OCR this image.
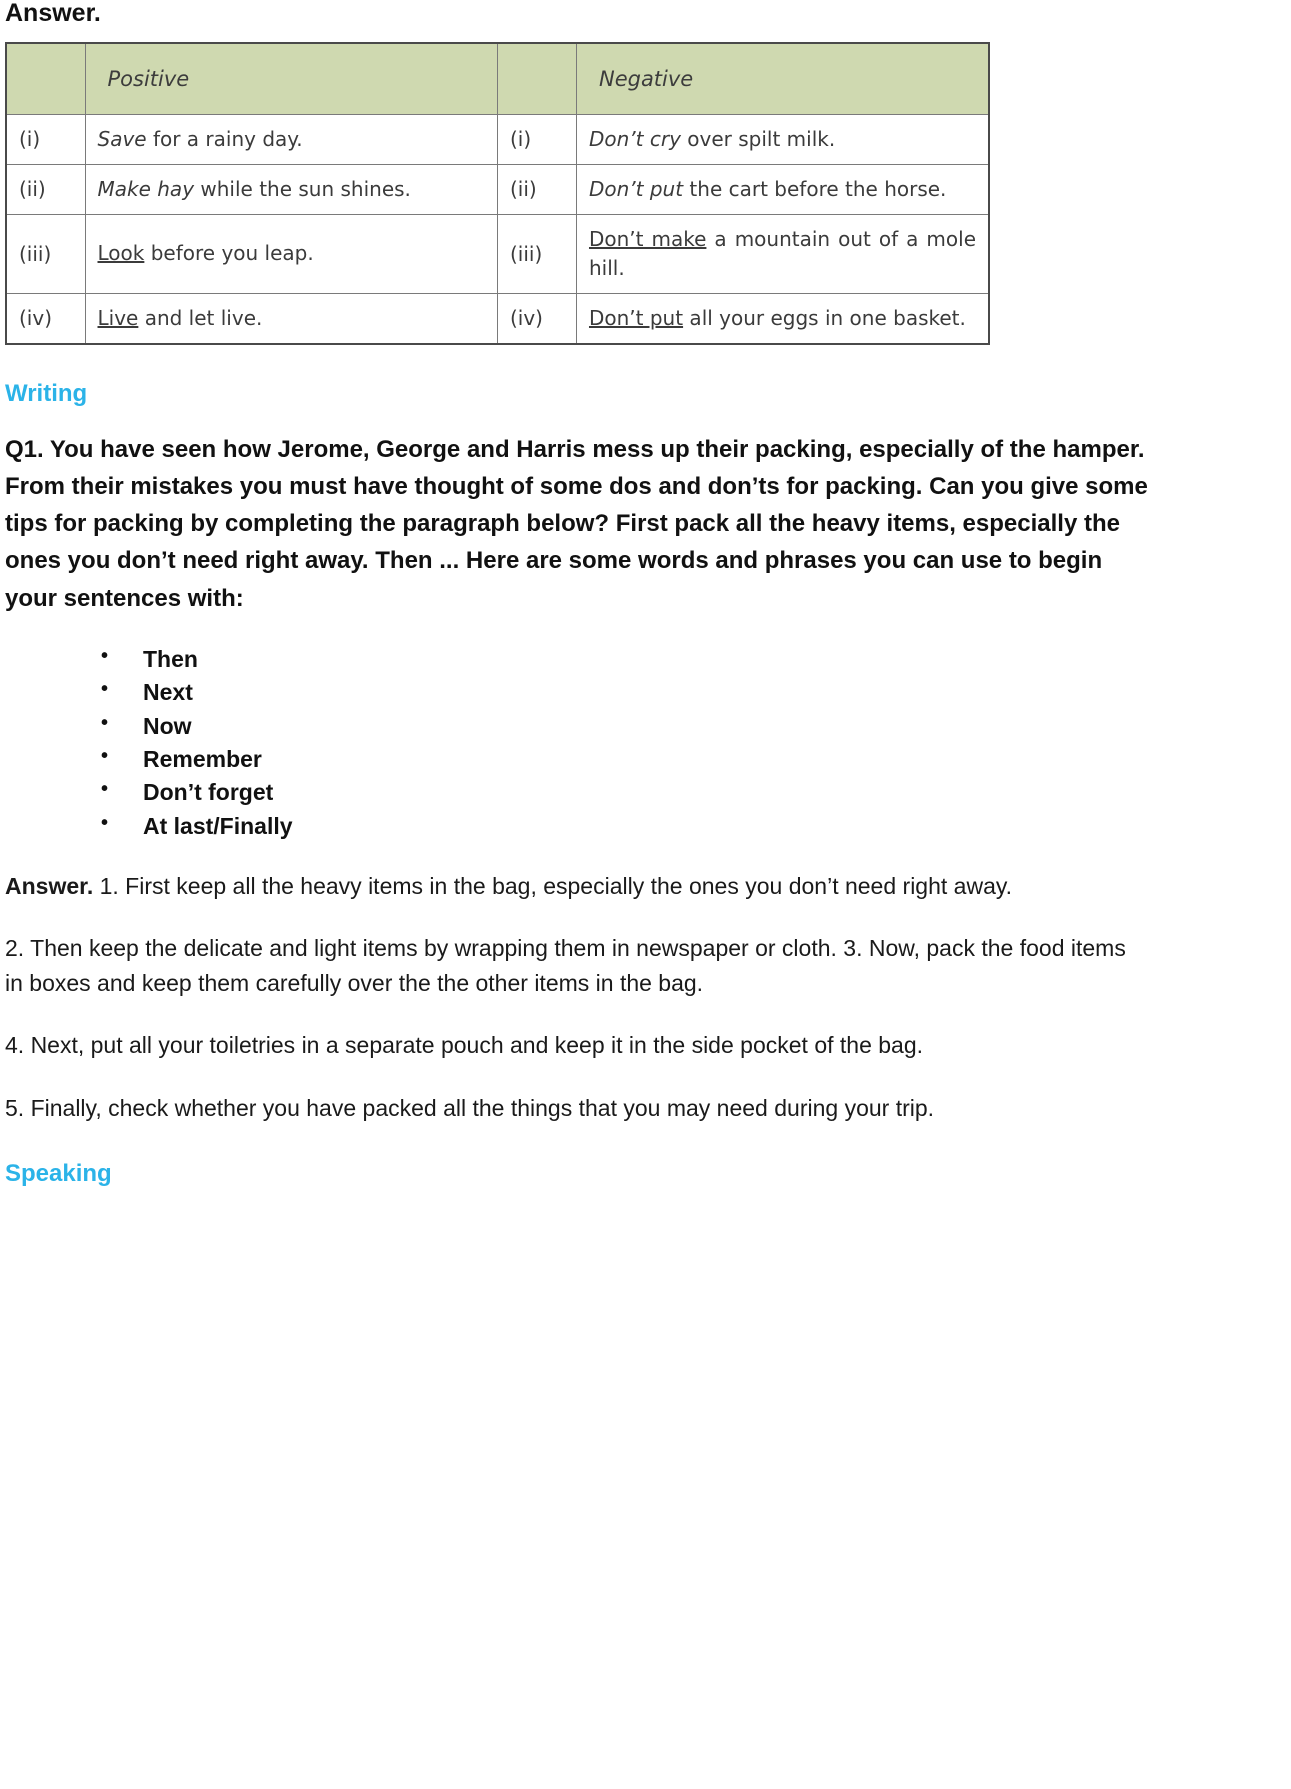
Answer.
	Positive		Negative
(i)	Save for a rainy day.	(i)	Don’t cry over spilt milk.
(ii)	Make hay while the sun shines.	(ii)	Don’t put the cart before the horse.
(iii)	Look before you leap.	(iii)	Don’t make a mountain out of a mole hill.
(iv)	Live and let live.	(iv)	Don’t put all your eggs in one basket.
Writing

Q1. You have seen how Jerome, George and Harris mess up their packing, especially of the hamper. From their mistakes you must have thought of some dos and don’ts for packing. Can you give some tips for packing by completing the paragraph below? First pack all the heavy items, especially the ones you don’t need right away. Then ... Here are some words and phrases you can use to begin your sentences with:

• Then
• Next
• Now
• Remember
• Don’t forget
• At last/Finally

Answer. 1. First keep all the heavy items in the bag, especially the ones you don’t need right away.

2. Then keep the delicate and light items by wrapping them in newspaper or cloth. 3. Now, pack the food items in boxes and keep them carefully over the the other items in the bag.

4. Next, put all your toiletries in a separate pouch and keep it in the side pocket of the bag.

5. Finally, check whether you have packed all the things that you may need during your trip.

Speaking
